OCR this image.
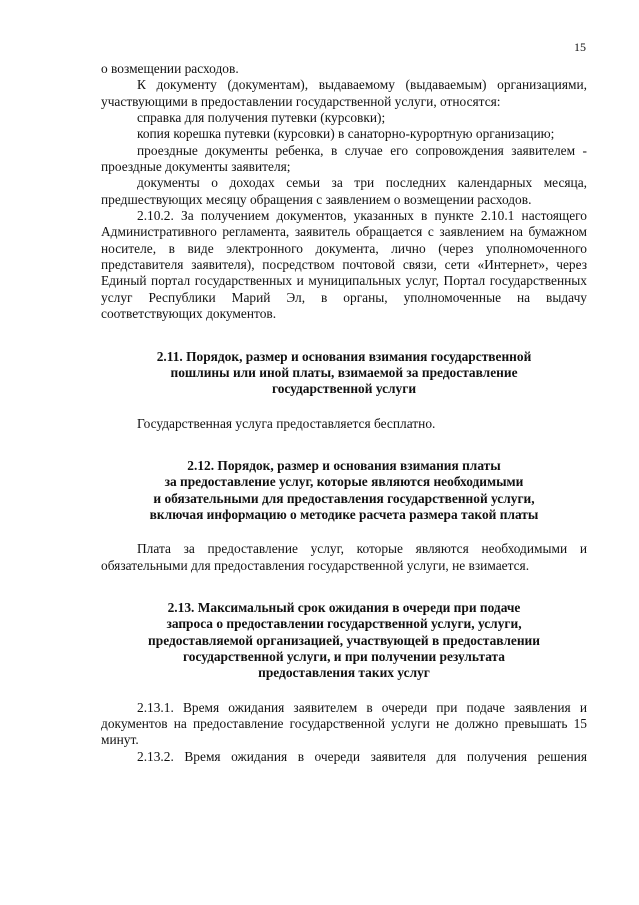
15

о возмещении расходов.

К документу (документам), выдаваемому (выдаваемым) организациями, участвующими в предоставлении государственной услуги, относятся:

справка для получения путевки (курсовки);

копия корешка путевки (курсовки) в санаторно-курортную организацию;

проездные документы ребенка, в случае его сопровождения заявителем - проездные документы заявителя;

документы о доходах семьи за три последних календарных месяца, предшествующих месяцу обращения с заявлением о возмещении расходов.

2.10.2. За получением документов, указанных в пункте 2.10.1 настоящего Административного регламента, заявитель обращается с заявлением на бумажном носителе, в виде электронного документа, лично (через уполномоченного представителя заявителя), посредством почтовой связи, сети «Интернет», через Единый портал государственных и муниципальных услуг, Портал государственных услуг Республики Марий Эл, в органы, уполномоченные на выдачу соответствующих документов.

2.11. Порядок, размер и основания взимания государственной
пошлины или иной платы, взимаемой за предоставление
государственной услуги

Государственная услуга предоставляется бесплатно.

2.12. Порядок, размер и основания взимания платы
за предоставление услуг, которые являются необходимыми
и обязательными для предоставления государственной услуги,
включая информацию о методике расчета размера такой платы

Плата за предоставление услуг, которые являются необходимыми и обязательными для предоставления государственной услуги, не взимается.

2.13. Максимальный срок ожидания в очереди при подаче
запроса о предоставлении государственной услуги, услуги,
предоставляемой организацией, участвующей в предоставлении
государственной услуги, и при получении результата
предоставления таких услуг

2.13.1. Время ожидания заявителем в очереди при подаче заявления и документов на предоставление государственной услуги не должно превышать 15 минут.

2.13.2. Время ожидания в очереди заявителя для получения решения
